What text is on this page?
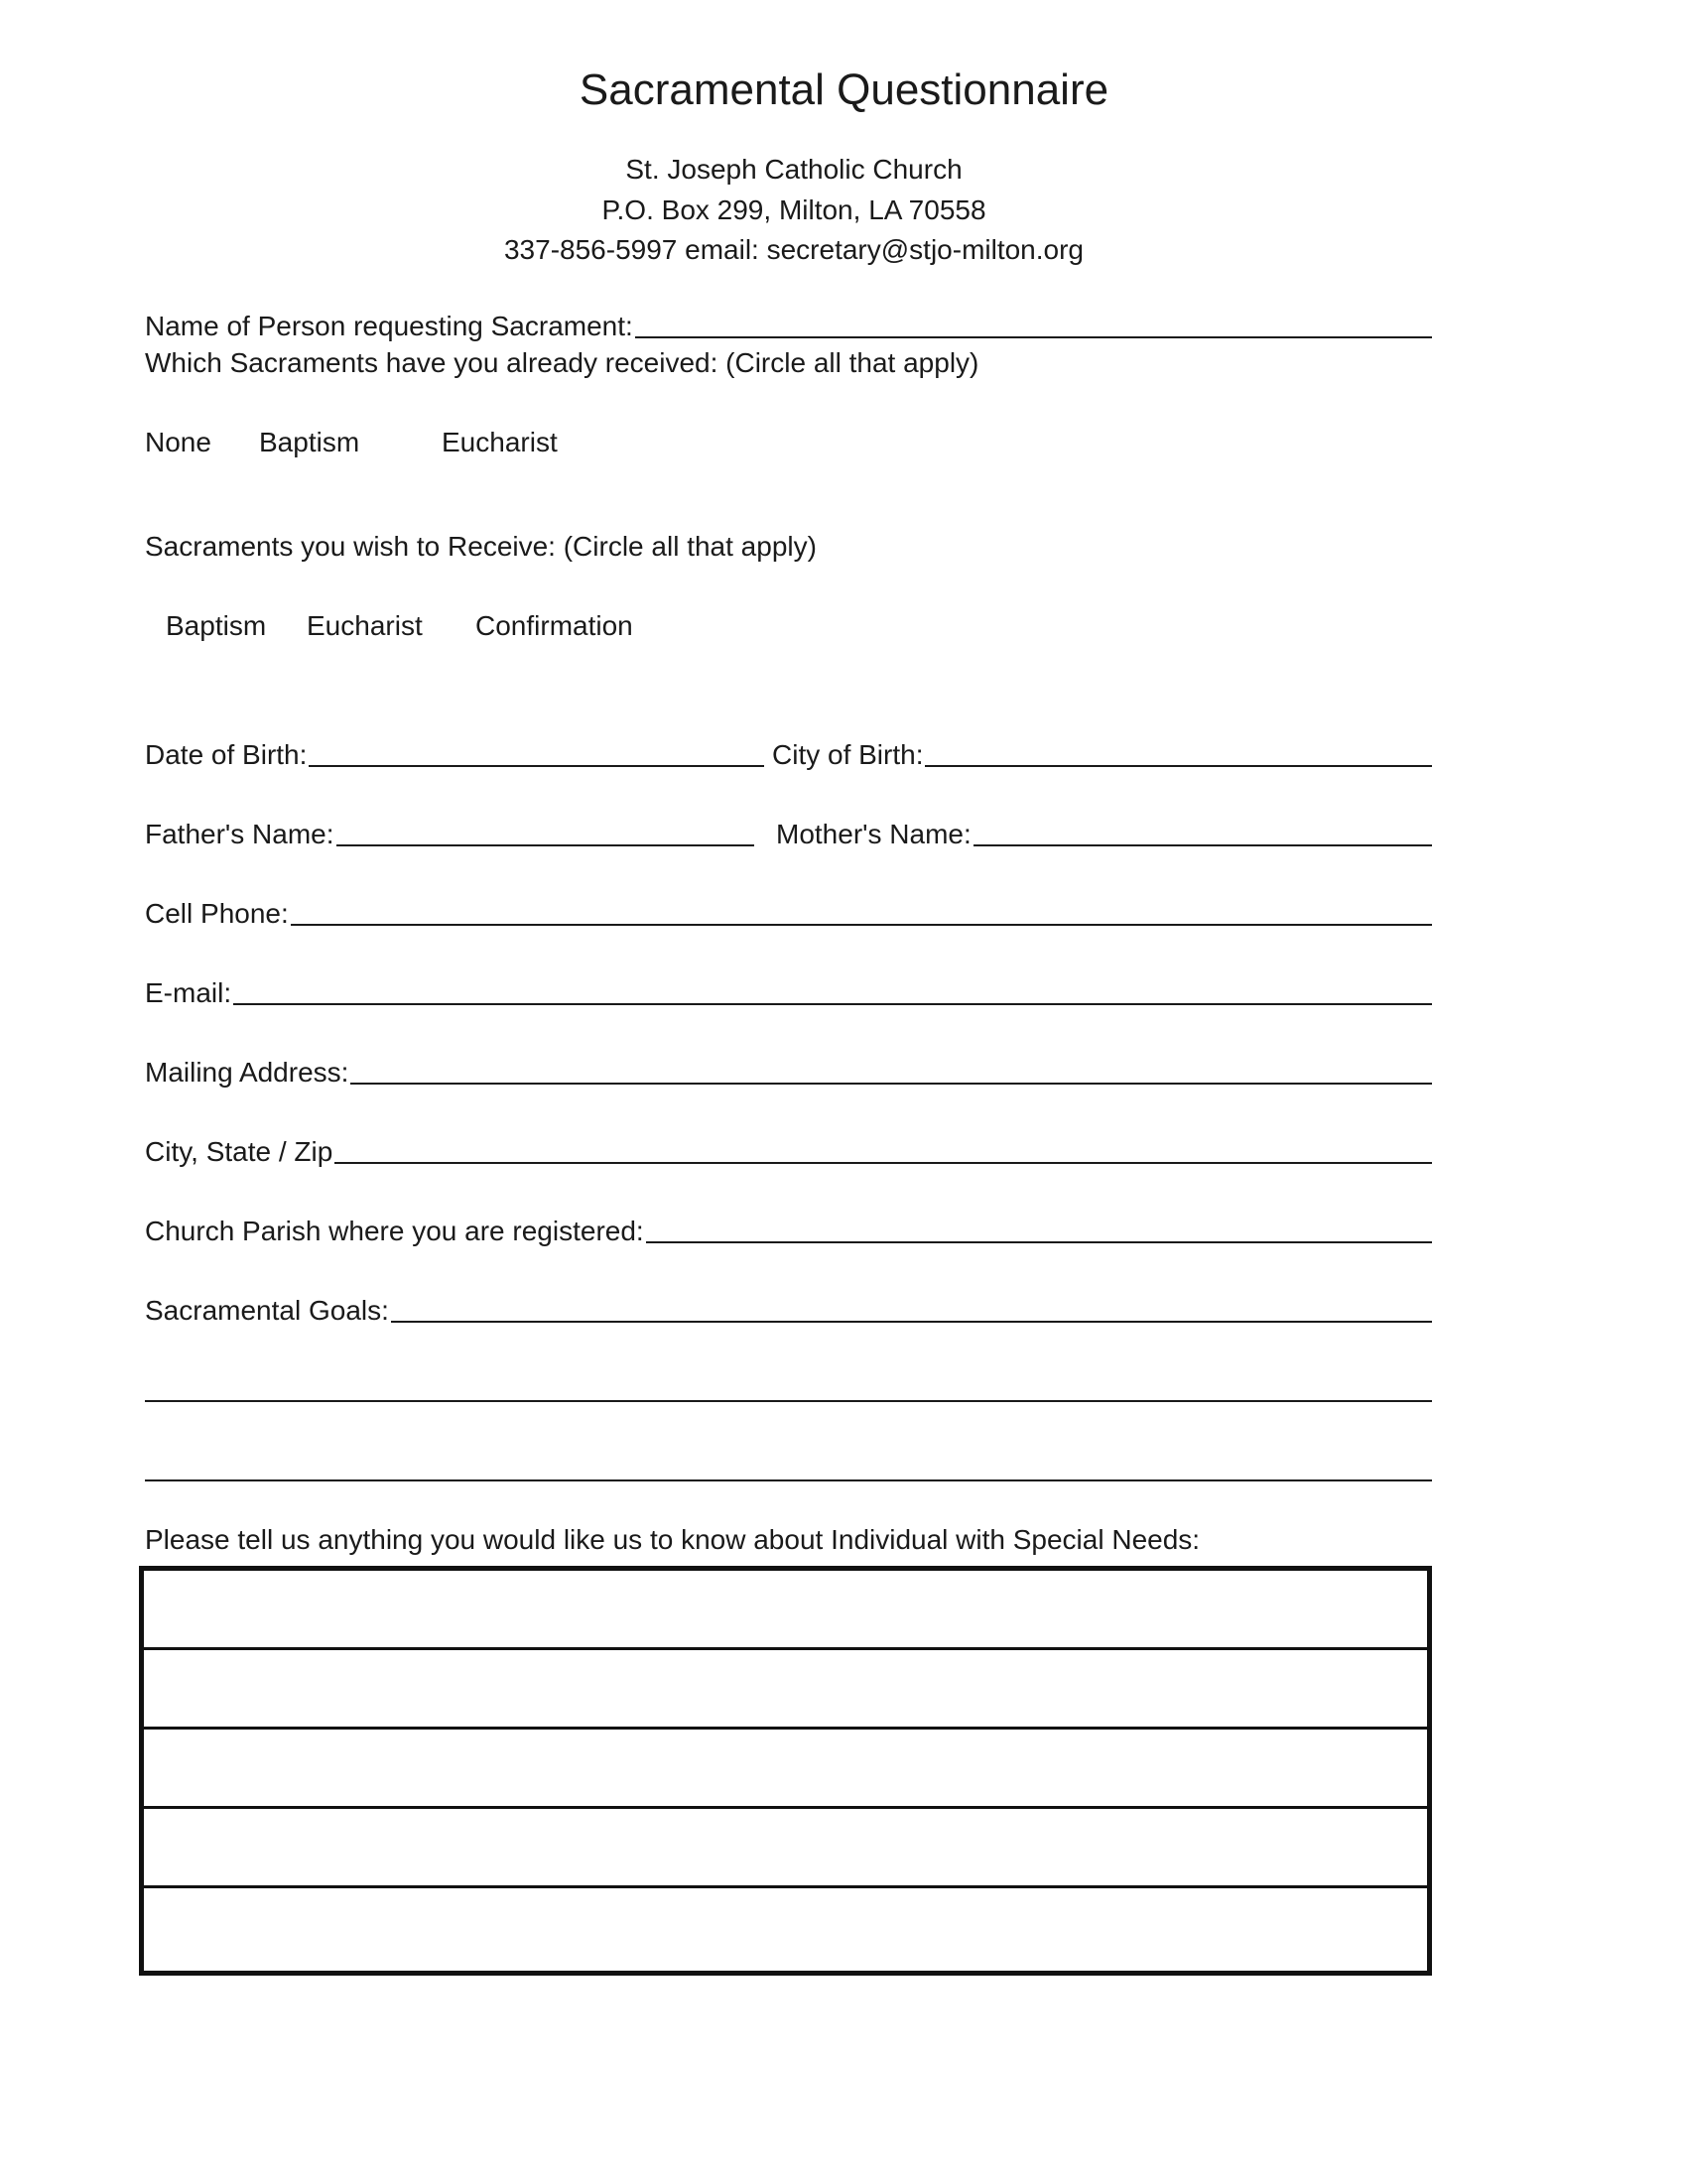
Sacramental Questionnaire
St. Joseph Catholic Church
P.O. Box 299, Milton, LA 70558
337-856-5997 email: secretary@stjo-milton.org
Name of Person requesting Sacrament:
Which Sacraments have you already received: (Circle all that apply)
None Baptism	Eucharist
Sacraments you wish to Receive: (Circle all that apply)
Baptism Eucharist Confirmation
Date of Birth:	City of Birth:
Father's Name:	Mother's Name:
Cell Phone:
E-mail:
Mailing Address:
City, State / Zip
Church Parish where you are registered:
Sacramental Goals:
Please tell us anything you would like us to know about Individual with Special Needs:
